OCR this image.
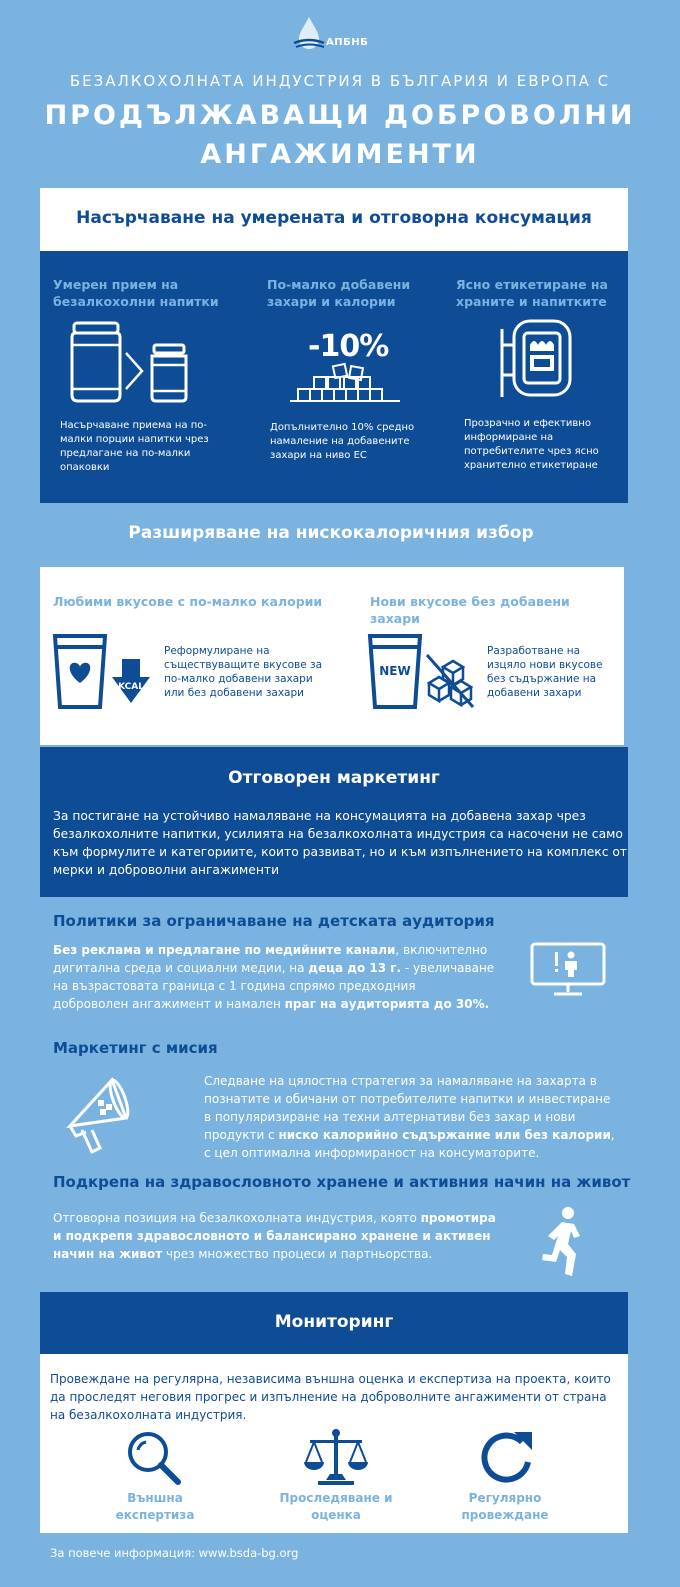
АПБНБ
БЕЗАЛКОХОЛНАТА ИНДУСТРИЯ В БЪЛГАРИЯ И ЕВРОПА С
ПРОДЪЛЖАВАЩИ ДОБРОВОЛНИ
АНГАЖИМЕНТИ
Насърчаване на умерената и отговорна консумация
Умерен прием на
безалкохолни напитки
Насърчаване приема на по-
малки порции напитки чрез
предлагане на по-малки
опаковки
По-малко добавени
захари и калории
-10%
Допълнително 10% средно
намаление на добавените
захари на ниво ЕС
Ясно етикетиране на
храните и напитките
Прозрачно и ефективно
информиране на
потребителите чрез ясно
хранително етикетиране
Разширяване на нискокалоричния избор
Любими вкусове с по-малко калории
KCAL
Реформулиране на
съществуващите вкусове за
по-малко добавени захари
или без добавени захари
Нови вкусове без добавени захари
NEW
Разработване на
изцяло нови вкусове
без съдържание на
добавени захари
Отговорен маркетинг
За постигане на устойчиво намаляване на консумацията на добавена захар чрез
безалкохолните напитки, усилията на безалкохолната индустрия са насочени не само
към формулите и категориите, които развиват, но и към изпълнението на комплекс от
мерки и доброволни ангажименти
Политики за ограничаване на детската аудитория
Без реклама и предлагане по медийните канали, включително
дигитална среда и социални медии, на деца до 13 г. - увеличаване
на възрастовата граница с 1 година спрямо предходния
доброволен ангажимент и намален праг на аудиторията до 30%.
Маркетинг с мисия
Следване на цялостна стратегия за намаляване на захарта в
познатите и обичани от потребителите напитки и инвестиране
в популяризиране на техни алтернативи без захар и нови
продукти с ниско калорийно съдържание или без калории,
с цел оптимална информираност на консуматорите.
Подкрепа на здравословното хранене и активния начин на живот
Отговорна позиция на безалкохолната индустрия, която промотира
и подкрепя здравословното и балансирано хранене и активен
начин на живот чрез множество процеси и партньорства.
Мониторинг
Провеждане на регулярна, независима външна оценка и експертиза на проекта, които
да проследят неговия прогрес и изпълнение на доброволните ангажименти от страна
на безалкохолната индустрия.
Външна
експертиза
Проследяване и
оценка
Регулярно
провеждане
За повече информация: www.bsda-bg.org
